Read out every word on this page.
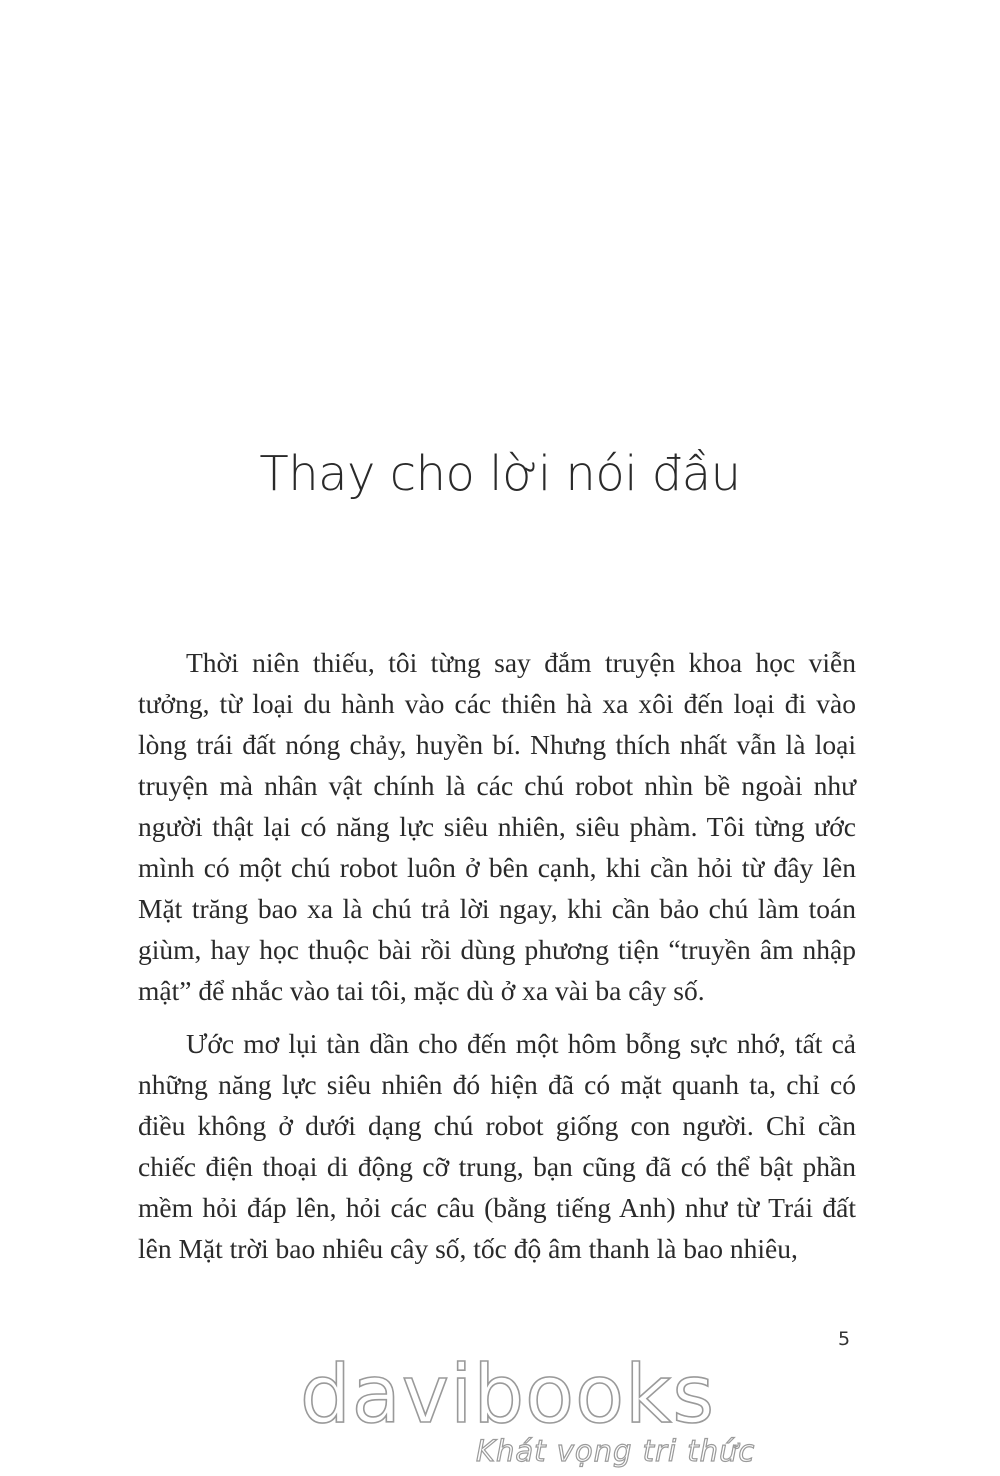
Thay cho lời nói đầu

Thời niên thiếu, tôi từng say đắm truyện khoa học viễn tưởng, từ loại du hành vào các thiên hà xa xôi đến loại đi vào lòng trái đất nóng chảy, huyền bí. Nhưng thích nhất vẫn là loại truyện mà nhân vật chính là các chú robot nhìn bề ngoài như người thật lại có năng lực siêu nhiên, siêu phàm. Tôi từng ước mình có một chú robot luôn ở bên cạnh, khi cần hỏi từ đây lên Mặt trăng bao xa là chú trả lời ngay, khi cần bảo chú làm toán giùm, hay học thuộc bài rồi dùng phương tiện “truyền âm nhập mật” để nhắc vào tai tôi, mặc dù ở xa vài ba cây số.

Ước mơ lụi tàn dần cho đến một hôm bỗng sực nhớ, tất cả những năng lực siêu nhiên đó hiện đã có mặt quanh ta, chỉ có điều không ở dưới dạng chú robot giống con người. Chỉ cần chiếc điện thoại di động cỡ trung, bạn cũng đã có thể bật phần mềm hỏi đáp lên, hỏi các câu (bằng tiếng Anh) như từ Trái đất lên Mặt trời bao nhiêu cây số, tốc độ âm thanh là bao nhiêu,

5
davibooks
Khát vọng tri thức
